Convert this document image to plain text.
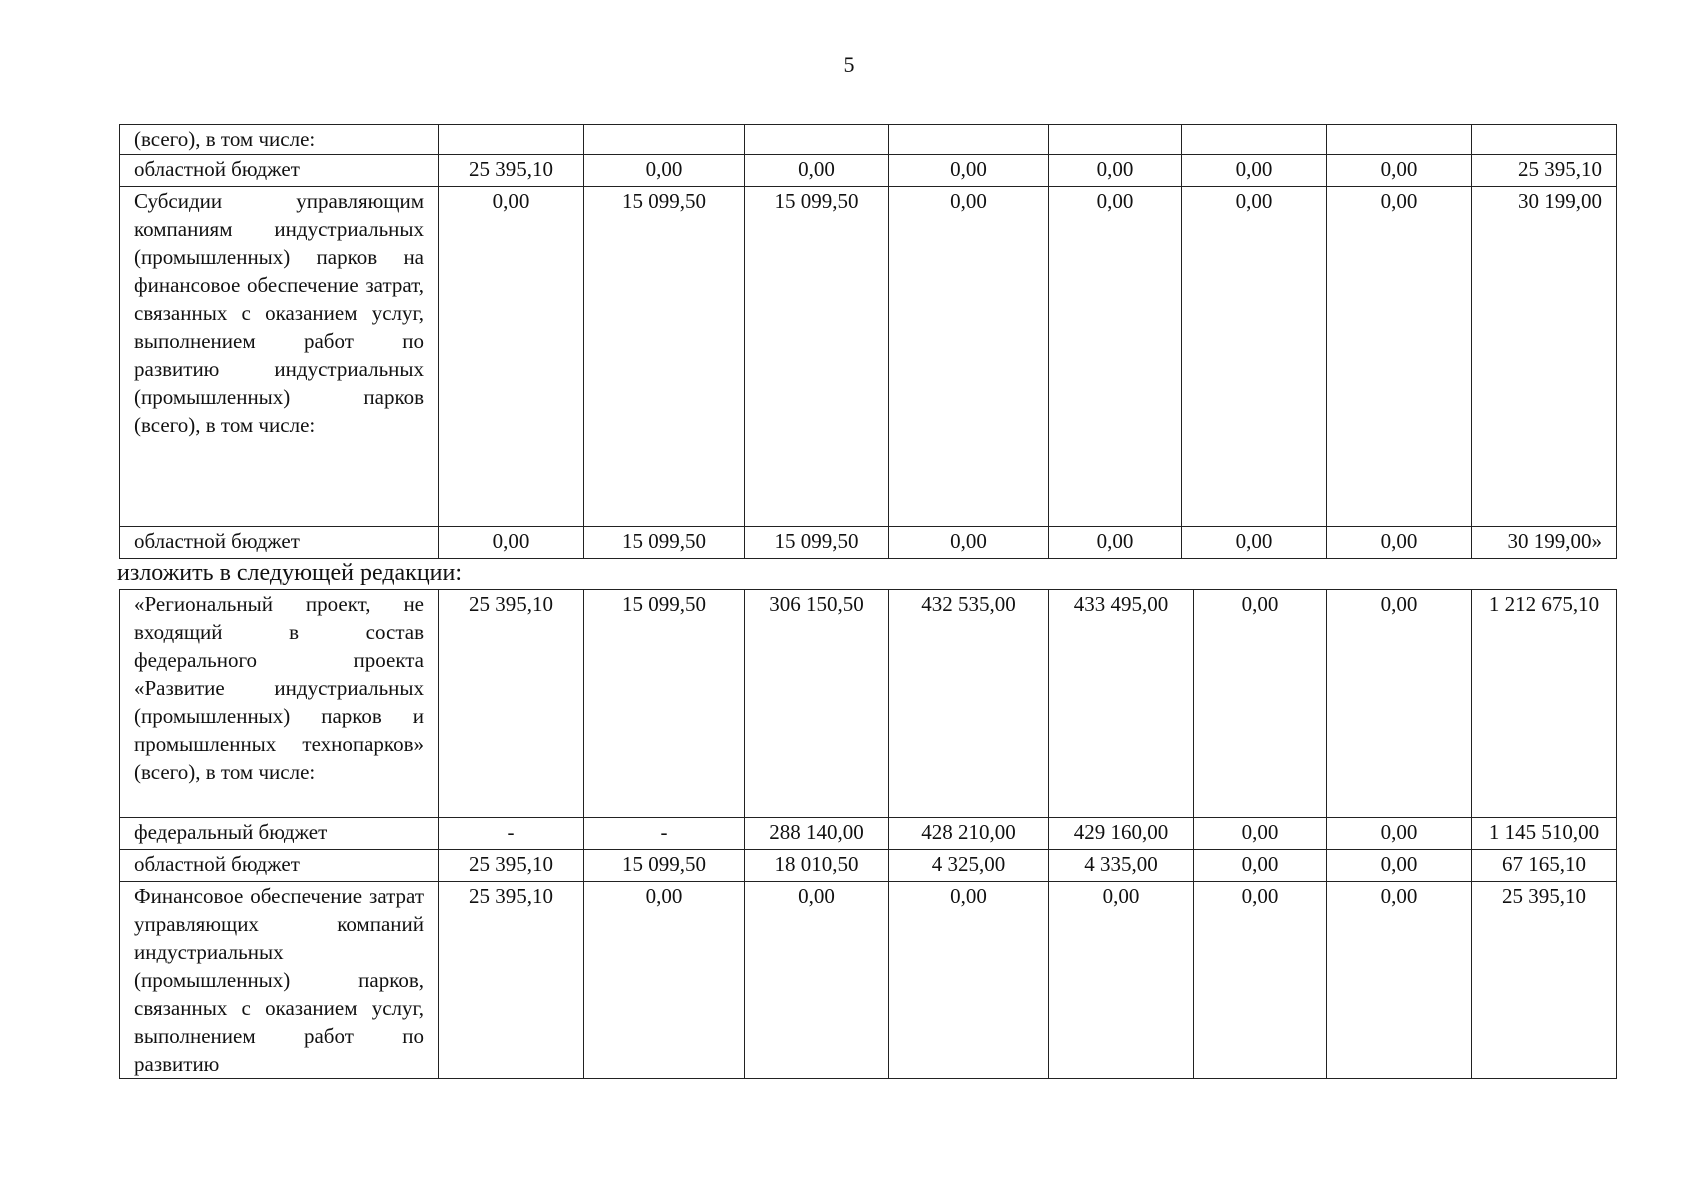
5
(всего), в том числе:								
областной бюджет	25 395,10	0,00	0,00	0,00	0,00	0,00	0,00	25 395,10
Субсидии управляющим компаниям индустриальных (промышленных) парков на финансовое обеспечение затрат, связанных с оказанием услуг, выполнением работ по развитию индустриальных (промышленных) парков (всего), в том числе:	0,00	15 099,50	15 099,50	0,00	0,00	0,00	0,00	30 199,00
областной бюджет	0,00	15 099,50	15 099,50	0,00	0,00	0,00	0,00	30 199,00»
изложить в следующей редакции:
«Региональный проект, не входящий в состав федерального проекта «Развитие индустриальных (промышленных) парков и промышленных технопарков» (всего), в том числе:	25 395,10	15 099,50	306 150,50	432 535,00	433 495,00	0,00	0,00	1 212 675,10
федеральный бюджет	-	-	288 140,00	428 210,00	429 160,00	0,00	0,00	1 145 510,00
областной бюджет	25 395,10	15 099,50	18 010,50	4 325,00	4 335,00	0,00	0,00	67 165,10
Финансовое обеспечение затрат управляющих компаний индустриальных (промышленных) парков, связанных с оказанием услуг, выполнением работ по развитию	25 395,10	0,00	0,00	0,00	0,00	0,00	0,00	25 395,10
